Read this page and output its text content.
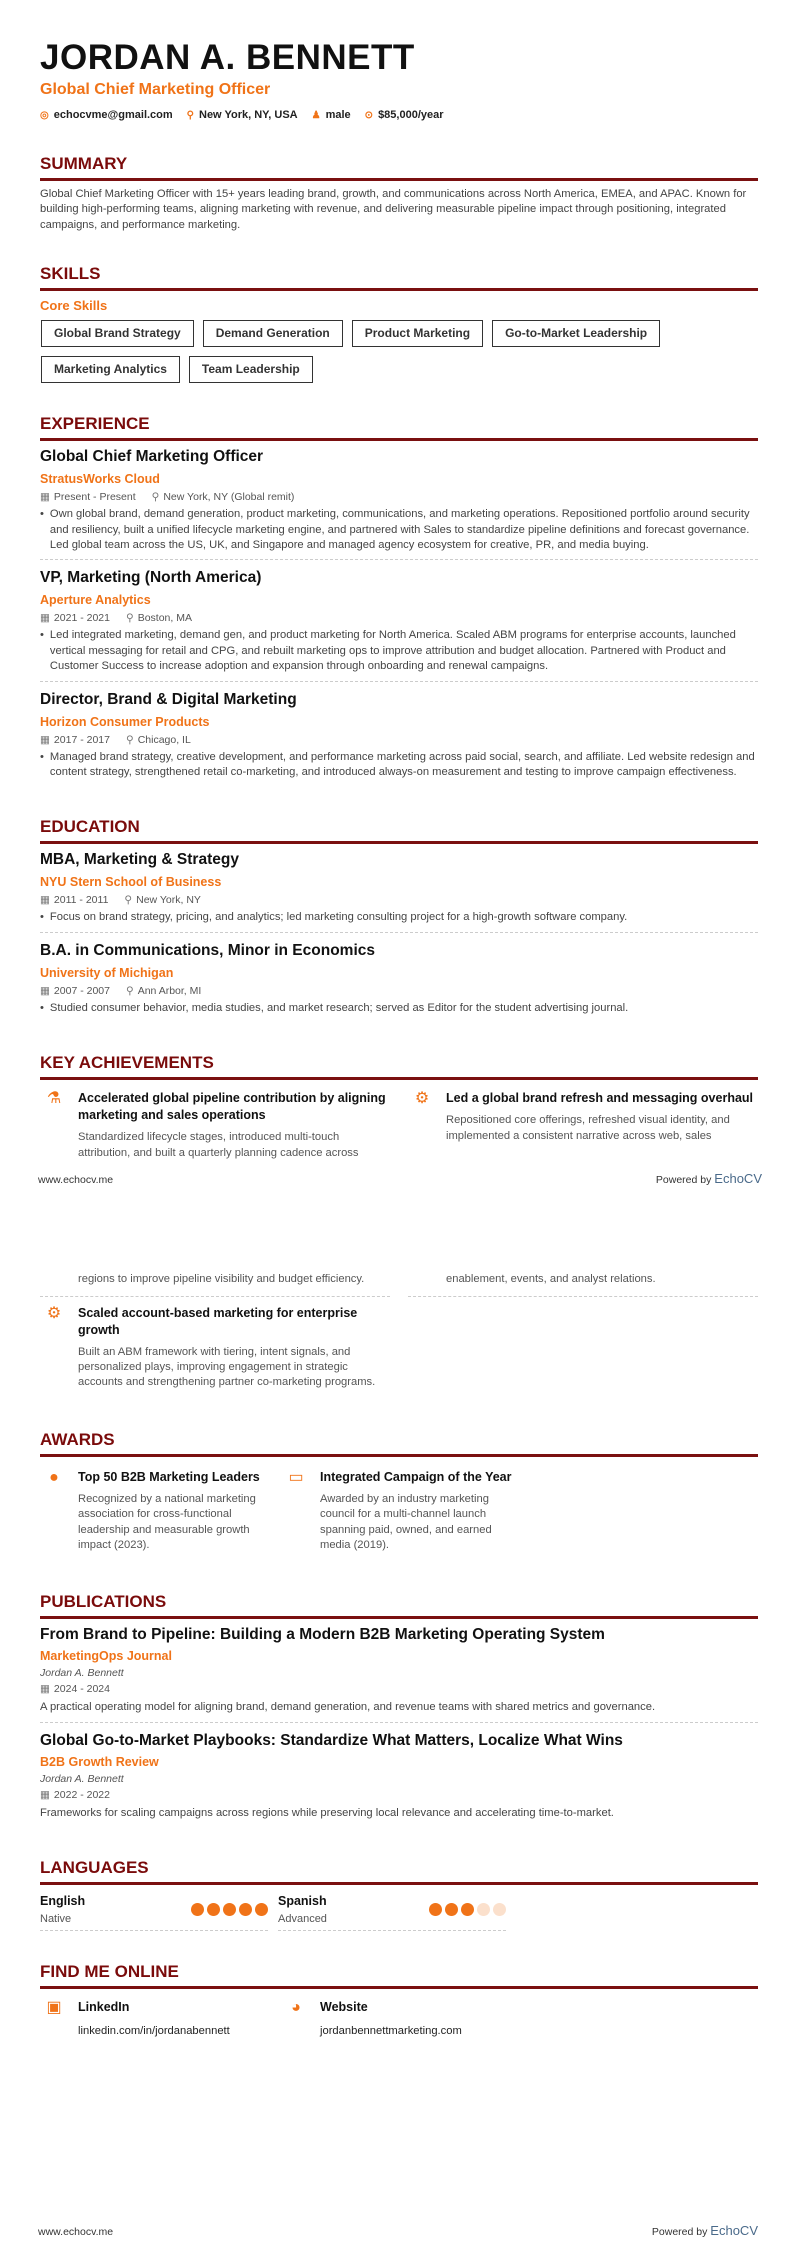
JORDAN A. BENNETT
Global Chief Marketing Officer
◎ echocvme@gmail.com ⚲ New York, NY, USA ♟ male ⊙ $85,000/year
SUMMARY
Global Chief Marketing Officer with 15+ years leading brand, growth, and communications across North America, EMEA, and APAC. Known for building high-performing teams, aligning marketing with revenue, and delivering measurable pipeline impact through positioning, integrated campaigns, and performance marketing.
SKILLS
Core Skills
Global Brand Strategy	Demand Generation	Product Marketing	Go-to-Market Leadership
Marketing Analytics	Team Leadership
EXPERIENCE
Global Chief Marketing Officer
StratusWorks Cloud
▦ Present - Present ⚲ New York, NY (Global remit)
• Own global brand, demand generation, product marketing, communications, and marketing operations. Repositioned portfolio around security and resiliency, built a unified lifecycle marketing engine, and partnered with Sales to standardize pipeline definitions and forecast governance. Led global team across the US, UK, and Singapore and managed agency ecosystem for creative, PR, and media buying.
VP, Marketing (North America)
Aperture Analytics
▦ 2021 - 2021 ⚲ Boston, MA
• Led integrated marketing, demand gen, and product marketing for North America. Scaled ABM programs for enterprise accounts, launched vertical messaging for retail and CPG, and rebuilt marketing ops to improve attribution and budget allocation. Partnered with Product and Customer Success to increase adoption and expansion through onboarding and renewal campaigns.
Director, Brand & Digital Marketing
Horizon Consumer Products
▦ 2017 - 2017 ⚲ Chicago, IL
• Managed brand strategy, creative development, and performance marketing across paid social, search, and affiliate. Led website redesign and content strategy, strengthened retail co-marketing, and introduced always-on measurement and testing to improve campaign effectiveness.
EDUCATION
MBA, Marketing & Strategy
NYU Stern School of Business
▦ 2011 - 2011 ⚲ New York, NY
• Focus on brand strategy, pricing, and analytics; led marketing consulting project for a high-growth software company.
B.A. in Communications, Minor in Economics
University of Michigan
▦ 2007 - 2007 ⚲ Ann Arbor, MI
• Studied consumer behavior, media studies, and market research; served as Editor for the student advertising journal.
KEY ACHIEVEMENTS
⚗ Accelerated global pipeline contribution by aligning marketing and sales operations
Standardized lifecycle stages, introduced multi-touch attribution, and built a quarterly planning cadence across
⚙ Led a global brand refresh and messaging overhaul
Repositioned core offerings, refreshed visual identity, and implemented a consistent narrative across web, sales
www.echocv.me	Powered by EchoCV
regions to improve pipeline visibility and budget efficiency.	enablement, events, and analyst relations.
⚙ Scaled account-based marketing for enterprise growth
Built an ABM framework with tiering, intent signals, and personalized plays, improving engagement in strategic accounts and strengthening partner co-marketing programs.
AWARDS
●	Top 50 B2B Marketing Leaders
Recognized by a national marketing association for cross-functional leadership and measurable growth impact (2023).
▭ Integrated Campaign of the Year
Awarded by an industry marketing council for a multi-channel launch spanning paid, owned, and earned media (2019).
PUBLICATIONS
From Brand to Pipeline: Building a Modern B2B Marketing Operating System
MarketingOps Journal
Jordan A. Bennett
▦ 2024 - 2024
A practical operating model for aligning brand, demand generation, and revenue teams with shared metrics and governance.
Global Go-to-Market Playbooks: Standardize What Matters, Localize What Wins
B2B Growth Review
Jordan A. Bennett
▦ 2022 - 2022
Frameworks for scaling campaigns across regions while preserving local relevance and accelerating time-to-market.
LANGUAGES
English
Native
Spanish
Advanced
FIND ME ONLINE
▣ LinkedIn
linkedin.com/in/jordanabennett
◕	Website
jordanbennettmarketing.com
www.echocv.me	Powered by EchoCV
